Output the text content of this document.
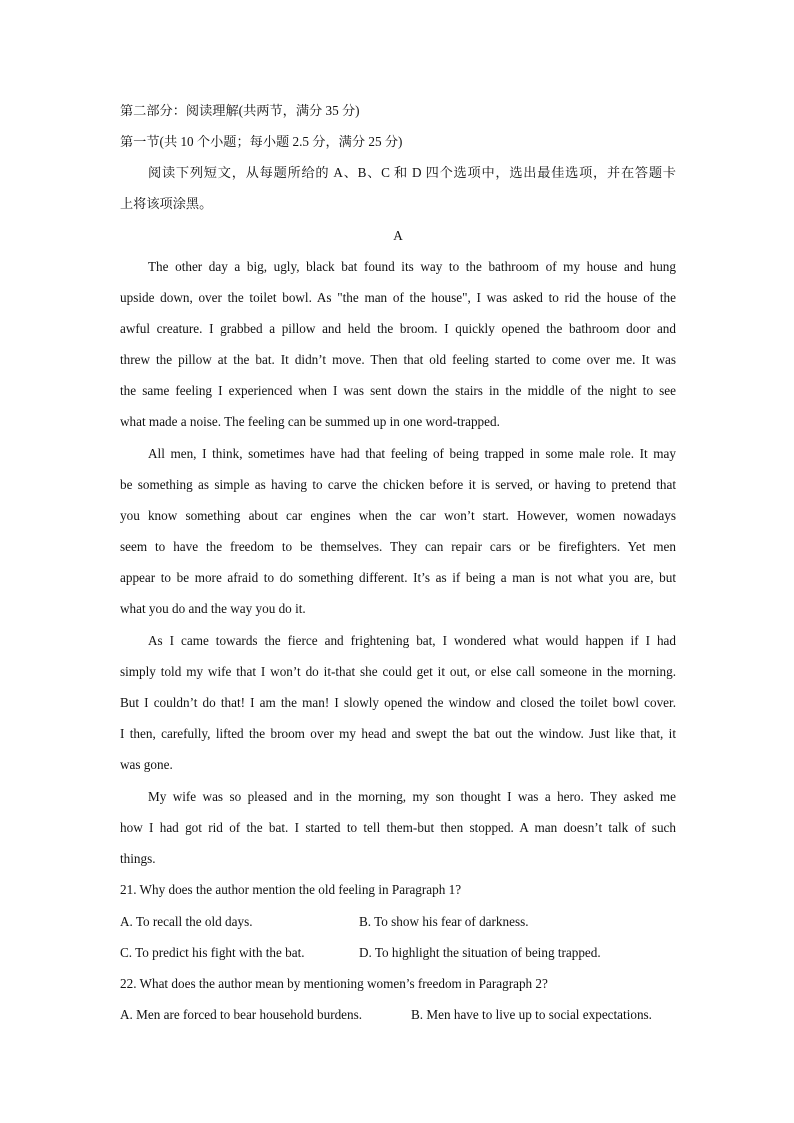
第二部分：阅读理解(共两节，满分 35 分)
第一节(共 10 个小题；每小题 2.5 分，满分 25 分)
阅读下列短文，从每题所给的 A、B、C 和 D 四个选项中，选出最佳选项，并在答题卡
上将该项涂黑。
A
The other day a big, ugly, black bat found its way to the bathroom of my house and hung
upside down, over the toilet bowl. As "the man of the house", I was asked to rid the house of the
awful creature. I grabbed a pillow and held the broom. I quickly opened the bathroom door and
threw the pillow at the bat. It didn’t move. Then that old feeling started to come over me. It was
the same feeling I experienced when I was sent down the stairs in the middle of the night to see
what made a noise. The feeling can be summed up in one word-trapped.
All men, I think, sometimes have had that feeling of being trapped in some male role. It may
be something as simple as having to carve the chicken before it is served, or having to pretend that
you know something about car engines when the car won’t start. However, women nowadays
seem to have the freedom to be themselves. They can repair cars or be firefighters. Yet men
appear to be more afraid to do something different. It’s as if being a man is not what you are, but
what you do and the way you do it.
As I came towards the fierce and frightening bat, I wondered what would happen if I had
simply told my wife that I won’t do it-that she could get it out, or else call someone in the morning.
But I couldn’t do that! I am the man! I slowly opened the window and closed the toilet bowl cover.
I then, carefully, lifted the broom over my head and swept the bat out the window. Just like that, it
was gone.
My wife was so pleased and in the morning, my son thought I was a hero. They asked me
how I had got rid of the bat. I started to tell them-but then stopped. A man doesn’t talk of such
things.
21. Why does the author mention the old feeling in Paragraph 1?
A. To recall the old days.	B. To show his fear of darkness.
C. To predict his fight with the bat.	D. To highlight the situation of being trapped.
22. What does the author mean by mentioning women’s freedom in Paragraph 2?
A. Men are forced to bear household burdens.	B. Men have to live up to social expectations.
